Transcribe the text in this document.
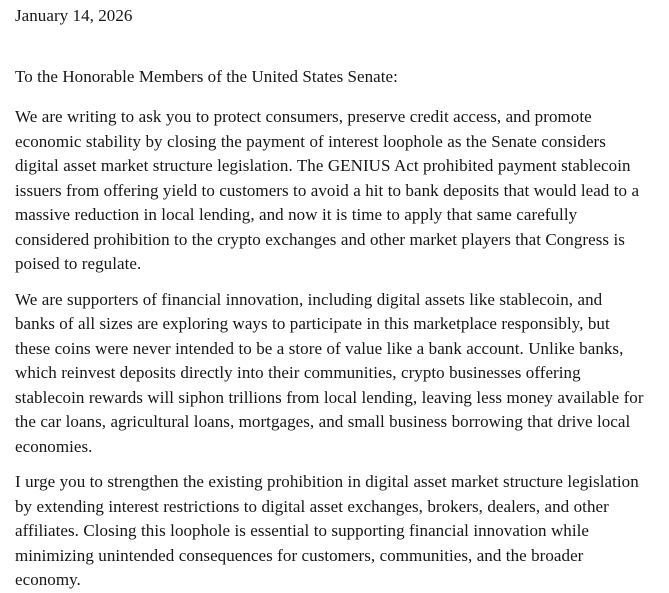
January 14, 2026

To the Honorable Members of the United States Senate:

We are writing to ask you to protect consumers, preserve credit access, and promote economic stability by closing the payment of interest loophole as the Senate considers digital asset market structure legislation. The GENIUS Act prohibited payment stablecoin issuers from offering yield to customers to avoid a hit to bank deposits that would lead to a massive reduction in local lending, and now it is time to apply that same carefully considered prohibition to the crypto exchanges and other market players that Congress is poised to regulate.

We are supporters of financial innovation, including digital assets like stablecoin, and banks of all sizes are exploring ways to participate in this marketplace responsibly, but these coins were never intended to be a store of value like a bank account. Unlike banks, which reinvest deposits directly into their communities, crypto businesses offering stablecoin rewards will siphon trillions from local lending, leaving less money available for the car loans, agricultural loans, mortgages, and small business borrowing that drive local economies.

I urge you to strengthen the existing prohibition in digital asset market structure legislation by extending interest restrictions to digital asset exchanges, brokers, dealers, and other affiliates. Closing this loophole is essential to supporting financial innovation while minimizing unintended consequences for customers, communities, and the broader economy.
